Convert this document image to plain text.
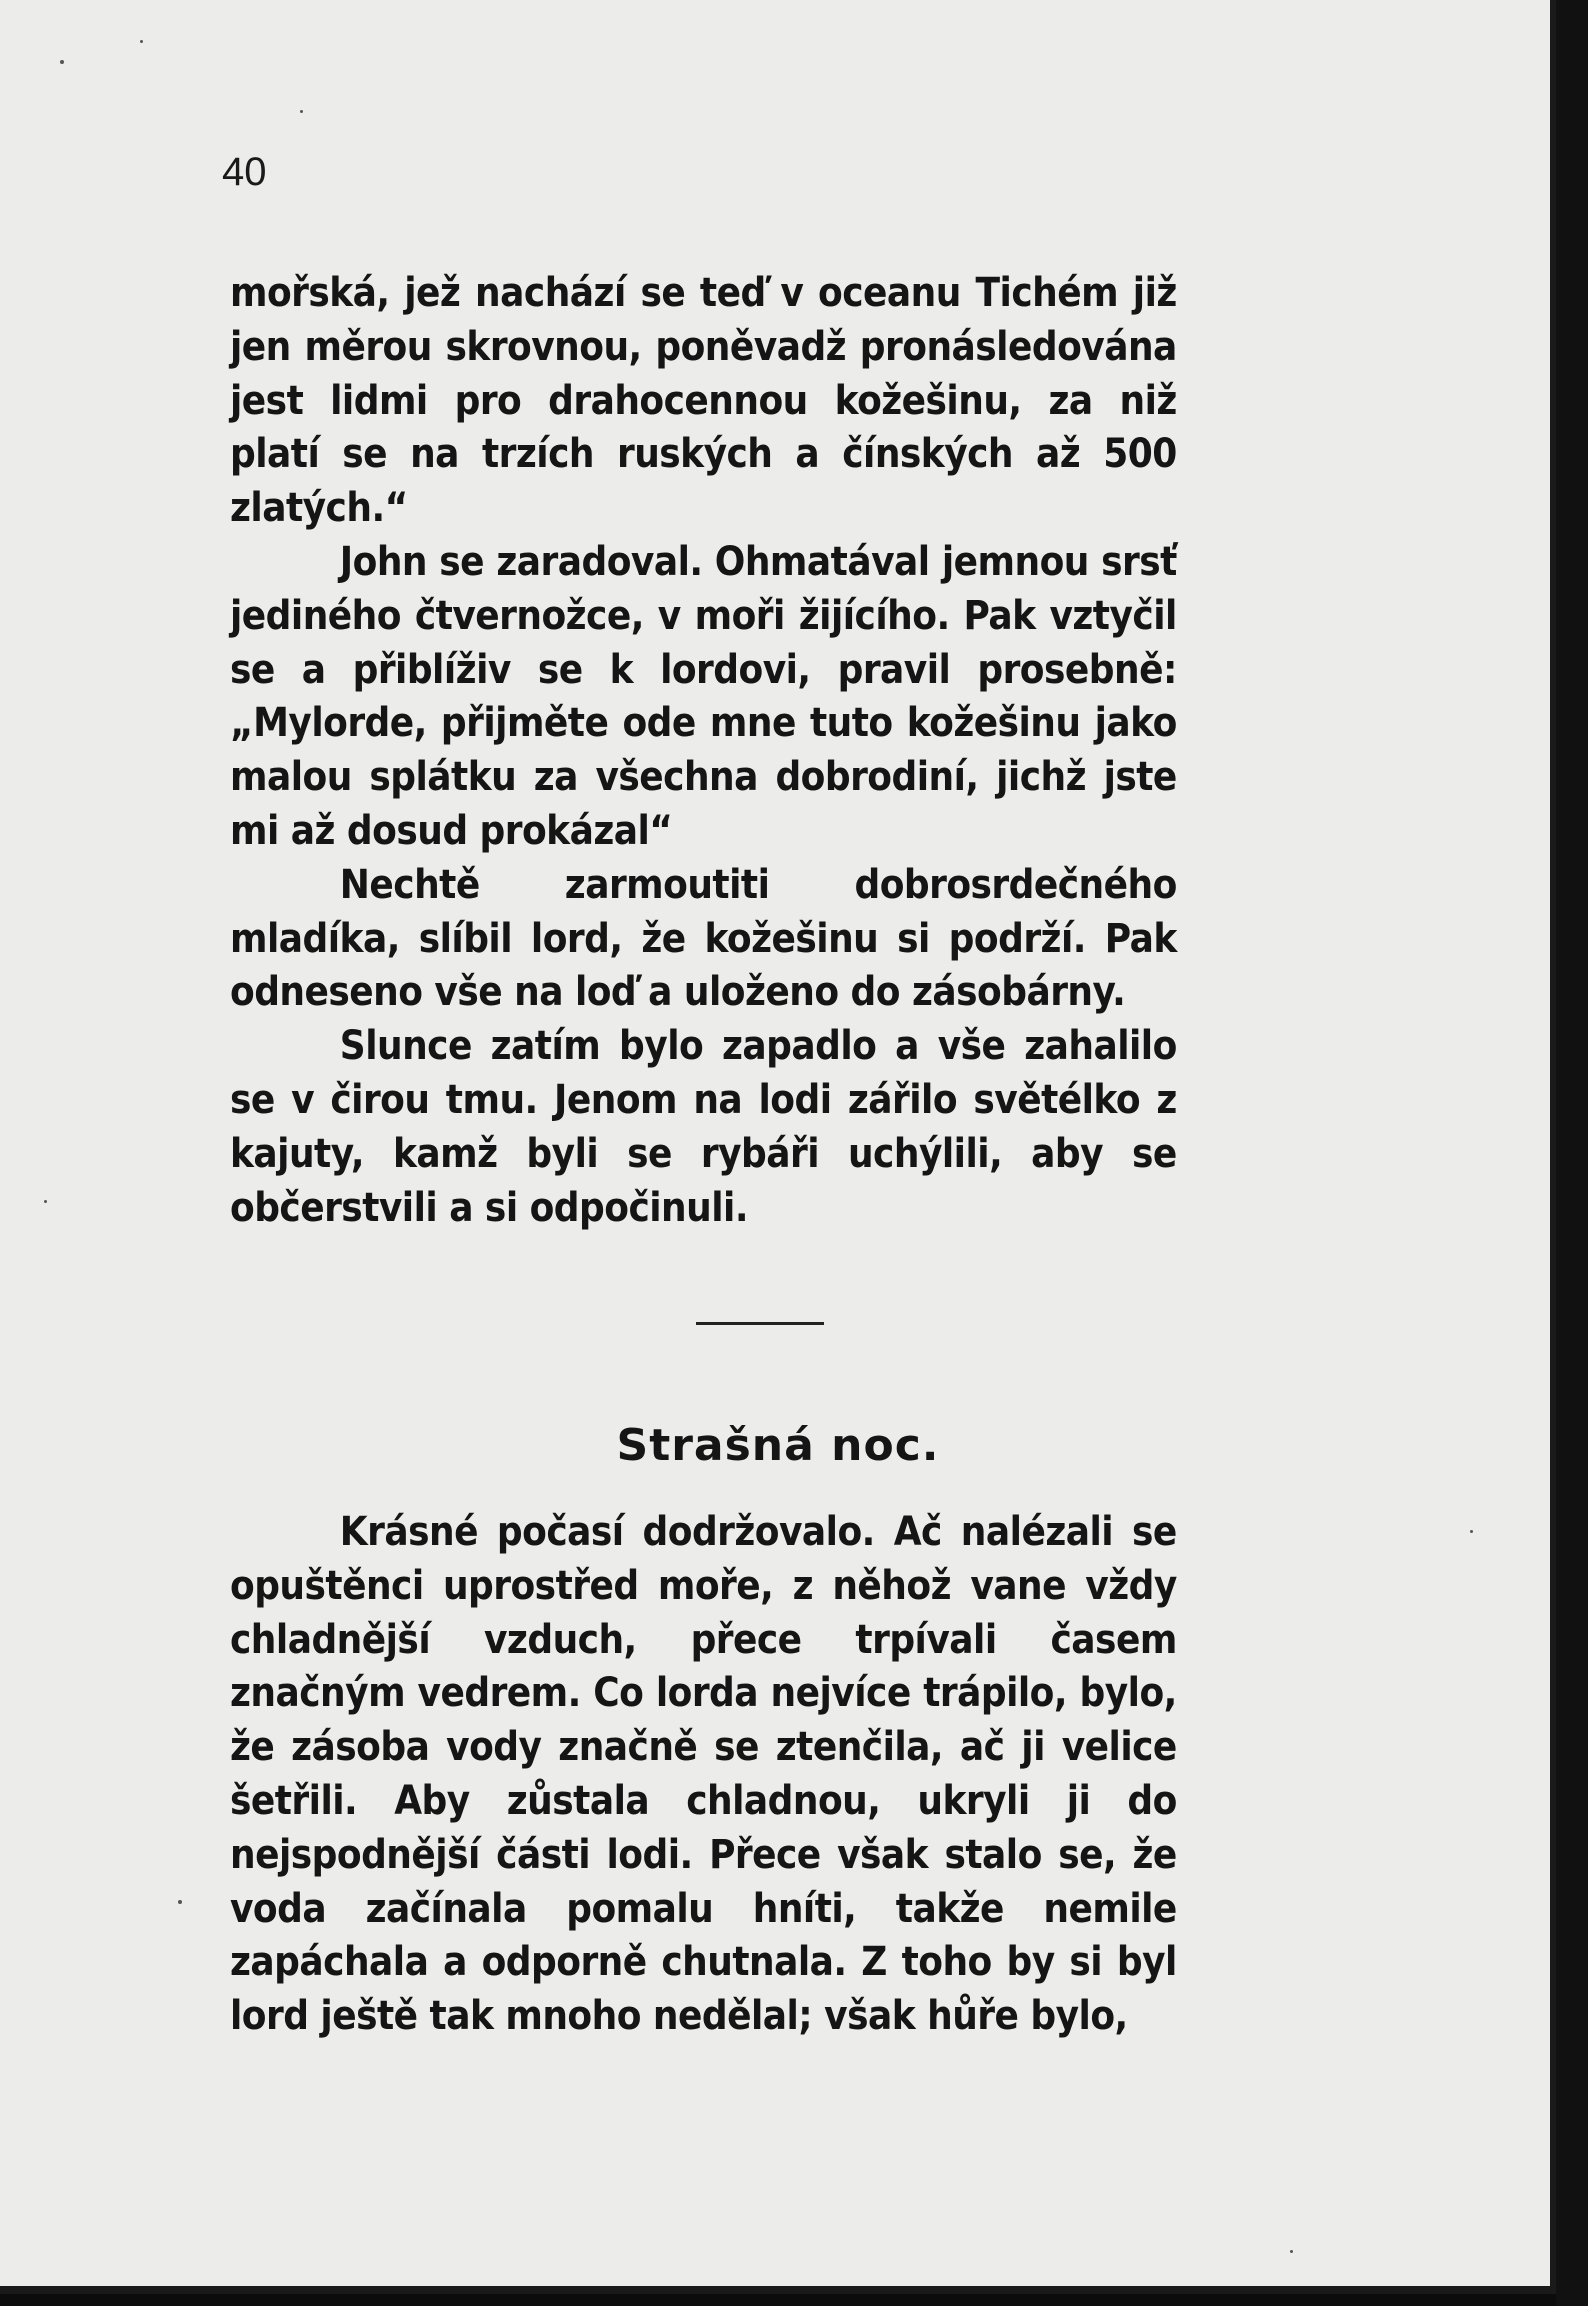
40

mořská, jež nachází se teď v oceanu Tichém již jen měrou skrovnou, poněvadž pronásledována jest lidmi pro drahocennou kožešinu, za niž platí se na trzích ruských a čínských až 500 zlatých.“

John se zaradoval. Ohmatával jemnou srsť jediného čtvernožce, v moři žijícího. Pak vztyčil se a přiblíživ se k lordovi, pravil prosebně: „Mylorde, přijměte ode mne tuto kožešinu jako malou splátku za všechna dobrodiní, jichž jste mi až dosud prokázal“

Nechtě zarmoutiti dobrosrdečného mladíka, slíbil lord, že kožešinu si podrží. Pak odneseno vše na loď a uloženo do zásobárny.

Slunce zatím bylo zapadlo a vše zahalilo se v čirou tmu. Jenom na lodi zářilo světélko z kajuty, kamž byli se rybáři uchýlili, aby se občerstvili a si odpočinuli.

Strašná noc.

Krásné počasí dodržovalo. Ač nalézali se opuštěnci uprostřed moře, z něhož vane vždy chladnější vzduch, přece trpívali časem značným vedrem. Co lorda nejvíce trápilo, bylo, že zásoba vody značně se ztenčila, ač ji velice šetřili. Aby zůstala chladnou, ukryli ji do nejspodnější části lodi. Přece však stalo se, že voda začínala pomalu hníti, takže nemile zapáchala a odporně chutnala. Z toho by si byl lord ještě tak mnoho nedělal; však hůře bylo,
